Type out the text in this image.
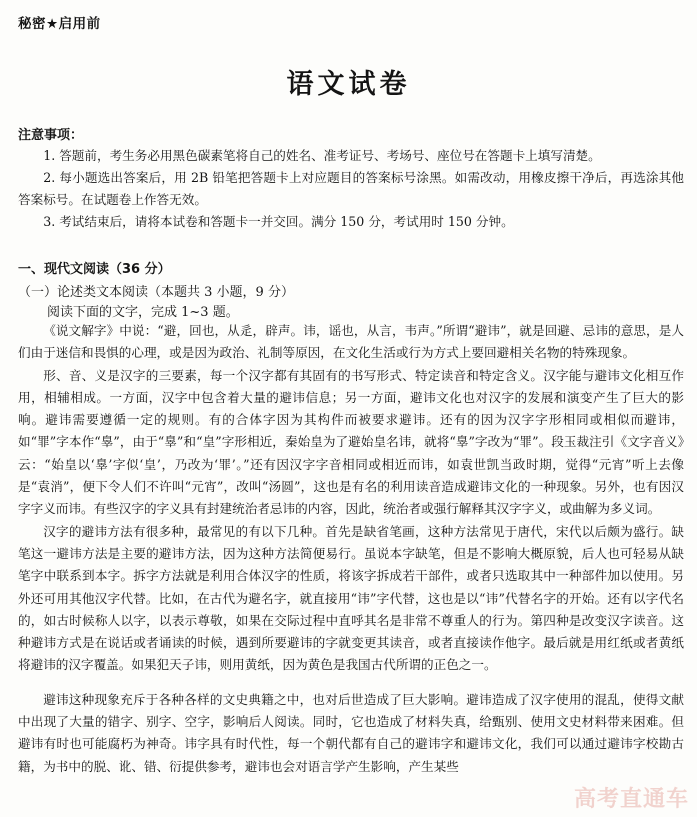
秘密★启用前
语文试卷
注意事项：

1. 答题前，考生务必用黑色碳素笔将自己的姓名、准考证号、考场号、座位号在答题卡上填写清楚。

2. 每小题选出答案后，用 2B 铅笔把答题卡上对应题目的答案标号涂黑。如需改动，用橡皮擦干净后，再选涂其他答案标号。在试题卷上作答无效。

3. 考试结束后，请将本试卷和答题卡一并交回。满分 150 分，考试用时 150 分钟。

一、现代文阅读（36 分）
（一）论述类文本阅读（本题共 3 小题，9 分）
阅读下面的文字，完成 1~3 题。

《说文解字》中说：“避，回也，从辵，辟声。讳，谣也，从言，韦声。”所谓“避讳”，就是回避、忌讳的意思，是人们由于迷信和畏惧的心理，或是因为政治、礼制等原因，在文化生活或行为方式上要回避相关名物的特殊现象。

形、音、义是汉字的三要素，每一个汉字都有其固有的书写形式、特定读音和特定含义。汉字能与避讳文化相互作用，相辅相成。一方面，汉字中包含着大量的避讳信息；另一方面，避讳文化也对汉字的发展和演变产生了巨大的影响。避讳需要遵循一定的规则。有的合体字因为其构件而被要求避讳。还有的因为汉字字形相同或相似而避讳，如“罪”字本作“辠”，由于“辠”和“皇”字形相近，秦始皇为了避始皇名讳，就将“辠”字改为“罪”。段玉裁注引《文字音义》云：“始皇以‘辠’字似‘皇’，乃改为‘罪’。”还有因汉字字音相同或相近而讳，如袁世凯当政时期，觉得“元宵”听上去像是“袁消”，便下令人们不许叫“元宵”，改叫“汤圆”，这也是有名的利用读音造成避讳文化的一种现象。另外，也有因汉字字义而讳。有些汉字的字义具有封建统治者忌讳的内容，因此，统治者或强行解释其汉字字义，或曲解为多义词。

汉字的避讳方法有很多种，最常见的有以下几种。首先是缺省笔画，这种方法常见于唐代，宋代以后颇为盛行。缺笔这一避讳方法是主要的避讳方法，因为这种方法简便易行。虽说本字缺笔，但是不影响大概原貌，后人也可轻易从缺笔字中联系到本字。拆字方法就是利用合体汉字的性质，将该字拆成若干部件，或者只选取其中一种部件加以使用。另外还可用其他汉字代替。比如，在古代为避名字，就直接用“讳”字代替，这也是以“讳”代替名字的开始。还有以字代名的，如古时候称人以字，以表示尊敬，如果在交际过程中直呼其名是非常不尊重人的行为。第四种是改变汉字读音。这种避讳方式是在说话或者诵读的时候，遇到所要避讳的字就变更其读音，或者直接读作他字。最后就是用红纸或者黄纸将避讳的汉字覆盖。如果犯天子讳，则用黄纸，因为黄色是我国古代所谓的正色之一。

避讳这种现象充斥于各种各样的文史典籍之中，也对后世造成了巨大影响。避讳造成了汉字使用的混乱，使得文献中出现了大量的错字、别字、空字，影响后人阅读。同时，它也造成了材料失真，给甄别、使用文史材料带来困难。但避讳有时也可能腐朽为神奇。讳字具有时代性，每一个朝代都有自己的避讳字和避讳文化，我们可以通过避讳字校勘古籍，为书中的脱、讹、错、衍提供参考，避讳也会对语言学产生影响，产生某些

高考直通车
